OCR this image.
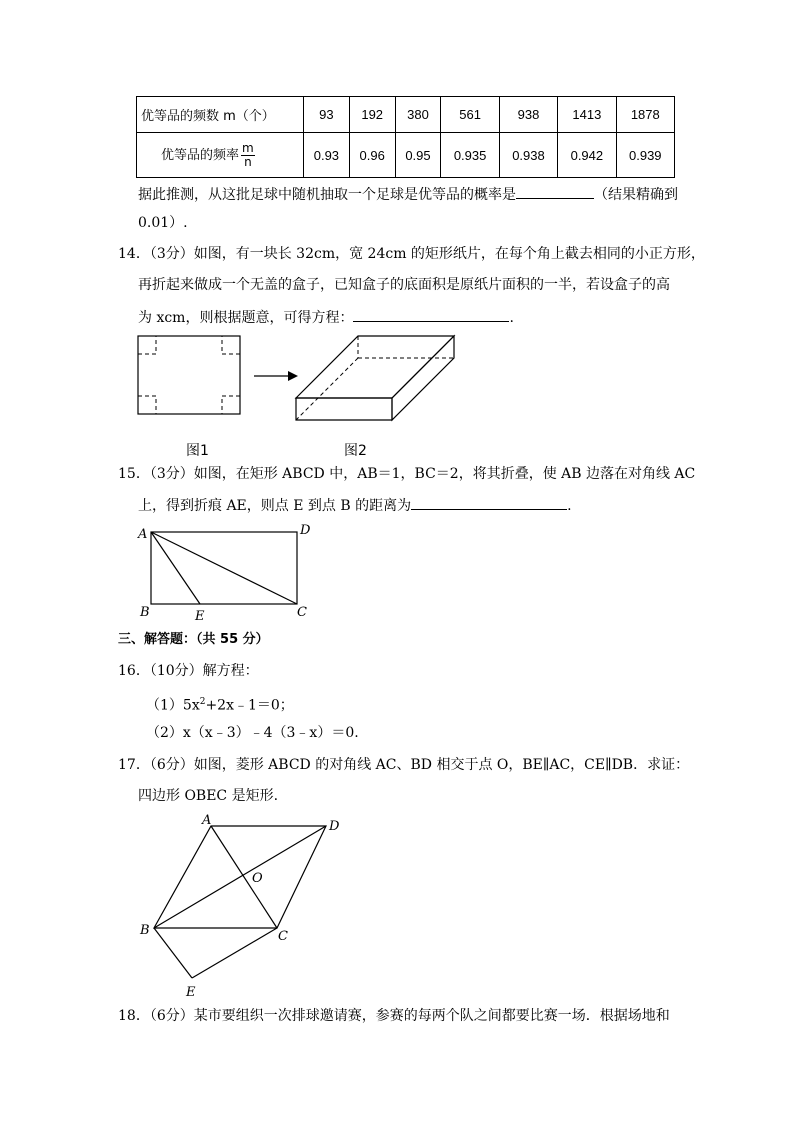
优等品的频数 m（个）	93	192	380	561	938	1413	1878
优等品的频率 $\frac{m}{n}$	0.93	0.96	0.95	0.935	0.938	0.942	0.939
据此推测，从这批足球中随机抽取一个足球是优等品的概率是	（结果精确到
0.01）.
14．（3分）如图，有一块长 32cm，宽 24cm 的矩形纸片，在每个角上截去相同的小正方形，
再折起来做成一个无盖的盒子，已知盒子的底面积是原纸片面积的一半，若设盒子的高
为 xcm，则根据题意，可得方程：	.
图1	图2
15．（3分）如图，在矩形 ABCD 中，AB＝1，BC＝2，将其折叠，使 AB 边落在对角线 AC
上，得到折痕 AE，则点 E 到点 B 的距离为	.
A	D
B	C
E
三、解答题：（共 55 分）
16．（10分）解方程：
$(1)5x^2+2x﹣1=0$；
（2）x（x﹣3）﹣4（3﹣x）＝0.
17．（6分）如图，菱形 ABCD 的对角线 AC、BD 相交于点 O，BE∥AC，CE∥DB．求证：
四边形 OBEC 是矩形.
A	D
O
B	C
E
18．（6分）某市要组织一次排球邀请赛，参赛的每两个队之间都要比赛一场．根据场地和
